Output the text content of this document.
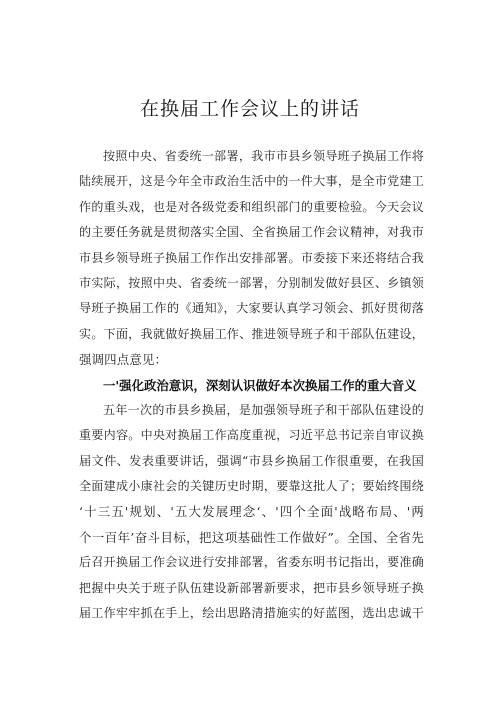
在换届工作会议上的讲话
按照中央、省委统一部署，我市市县乡领导班子换届工作将
陆续展开，这是今年全市政治生活中的一件大事，是全市党建工
作的重头戏，也是对各级党委和组织部门的重要检验。今天会议
的主要任务就是贯彻落实全国、全省换届工作会议精神，对我市
市县乡领导班子换届工作作出安排部署。市委接下来还将结合我
市实际，按照中央、省委统一部署，分别制发做好县区、乡镇领
导班子换届工作的《通知》，大家要认真学习领会、抓好贯彻落
实。下面，我就做好换届工作、推进领导班子和干部队伍建设，
强调四点意见：
一'强化政治意识，深刻认识做好本次换届工作的重大音义
五年一次的市县乡换届，是加强领导班子和干部队伍建设的
重要内容。中央对换届工作高度重视，习近平总书记亲自审议换
届文件、发表重要讲话，强调“市县乡换届工作很重要，在我国
全面建成小康社会的关键历史时期，要靠这批人了；要始终围绕
‘十三五'规划、'五大发展理念‘、'四个全面'战略布局、'两
个一百年’奋斗目标，把这项基础性工作做好”。全国、全省先
后召开换届工作会议进行安排部署，省委东明书记指出，要准确
把握中央关于班子队伍建设新部署新要求，把市县乡领导班子换
届工作牢牢抓在手上，绘出思路清措施实的好蓝图，选出忠诚干
